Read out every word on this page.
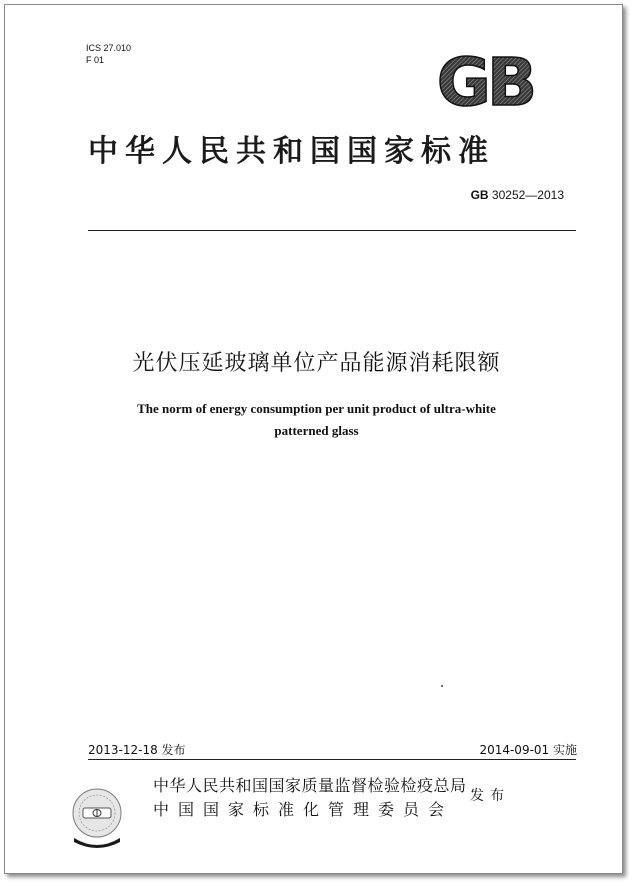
ICS 27.010
F 01	GB
中华人民共和国国家标准
GB 30252—2013
光伏压延玻璃单位产品能源消耗限额
The norm of energy consumption per unit product of ultra-white
patterned glass
2013-12-18 发布	2014-09-01 实施
中华人民共和国国家质量监督检验检疫总局
中国国家标准化管理委员会
发布
